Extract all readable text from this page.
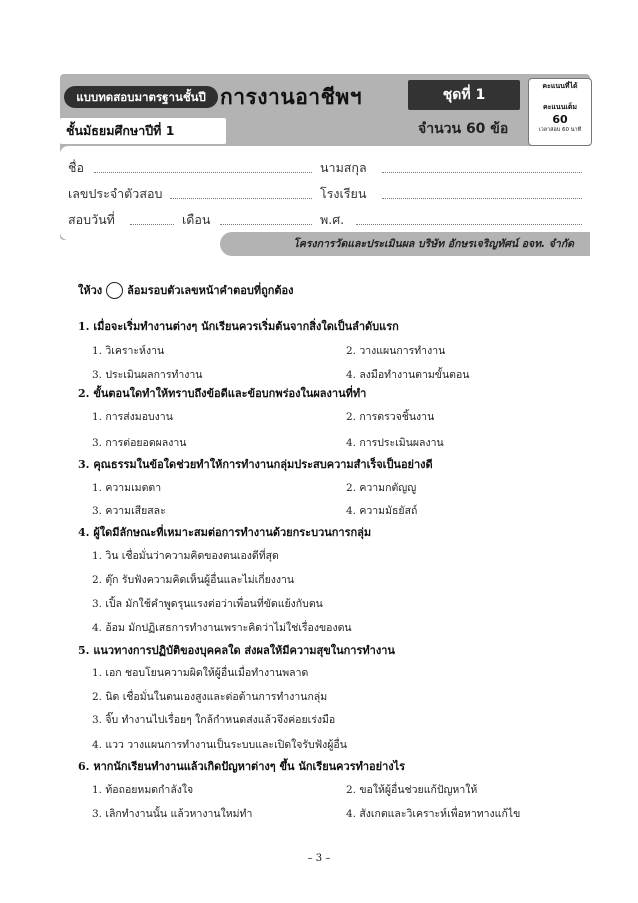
แบบทดสอบมาตรฐานชั้นปี การงานอาชีพฯ	ชุดที่ 1
คะแนนที่ได้
คะแนนเต็ม
60
เวลาสอบ 60 นาที
ชั้นมัธยมศึกษาปีที่ 1	จำนวน 60 ข้อ
ชื่อ	นามสกุล
เลขประจำตัวสอบ	โรงเรียน
สอบวันที่	เดือน	พ.ศ.
โครงการวัดและประเมินผล บริษัท อักษรเจริญทัศน์ อจท. จำกัด
ให้วง ล้อมรอบตัวเลขหน้าคำตอบที่ถูกต้อง
1. เมื่อจะเริ่มทำงานต่างๆ นักเรียนควรเริ่มต้นจากสิ่งใดเป็นลำดับแรก
1. วิเคราะห์งาน	2. วางแผนการทำงาน
3. ประเมินผลการทำงาน	4. ลงมือทำงานตามขั้นตอน
2. ขั้นตอนใดทำให้ทราบถึงข้อดีและข้อบกพร่องในผลงานที่ทำ
1. การส่งมอบงาน	2. การตรวจชิ้นงาน
3. การต่อยอดผลงาน	4. การประเมินผลงาน
3. คุณธรรมในข้อใดช่วยทำให้การทำงานกลุ่มประสบความสำเร็จเป็นอย่างดี
1. ความเมตตา	2. ความกตัญญู
3. ความเสียสละ	4. ความมัธยัสถ์
4. ผู้ใดมีลักษณะที่เหมาะสมต่อการทำงานด้วยกระบวนการกลุ่ม
1. วิน เชื่อมั่นว่าความคิดของตนเองดีที่สุด
2. ตุ๊ก รับฟังความคิดเห็นผู้อื่นและไม่เกี่ยงงาน
3. เปิ้ล มักใช้คำพูดรุนแรงต่อว่าเพื่อนที่ขัดแย้งกับตน
4. อ้อม มักปฏิเสธการทำงานเพราะคิดว่าไม่ใช่เรื่องของตน
5. แนวทางการปฏิบัติของบุคคลใด ส่งผลให้มีความสุขในการทำงาน
1. เอก ชอบโยนความผิดให้ผู้อื่นเมื่อทำงานพลาด
2. นิด เชื่อมั่นในตนเองสูงและต่อต้านการทำงานกลุ่ม
3. จิ๊บ ทำงานไปเรื่อยๆ ใกล้กำหนดส่งแล้วจึงค่อยเร่งมือ
4. แวว วางแผนการทำงานเป็นระบบและเปิดใจรับฟังผู้อื่น
6. หากนักเรียนทำงานแล้วเกิดปัญหาต่างๆ ขึ้น นักเรียนควรทำอย่างไร
1. ท้อถอยหมดกำลังใจ	2. ขอให้ผู้อื่นช่วยแก้ปัญหาให้
3. เลิกทำงานนั้น แล้วหางานใหม่ทำ	4. สังเกตและวิเคราะห์เพื่อหาทางแก้ไข
– 3 –
